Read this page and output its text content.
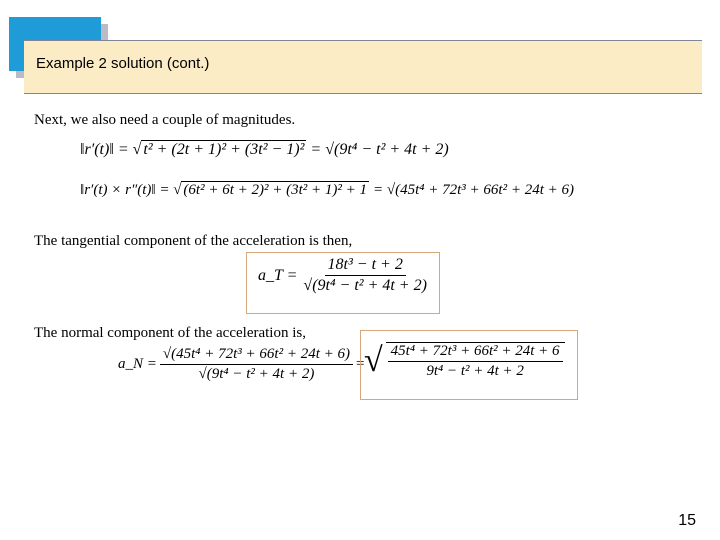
Example 2 solution (cont.)
Next, we also need a couple of magnitudes.
‖r′(t)‖ = √ t² + (2t + 1)² + (3t² − 1)² = √(9t⁴ − t² + 4t + 2)
‖r′(t) × r″(t)‖ = √ (6t² + 6t + 2)² + (3t² + 1)² + 1 = √(45t⁴ + 72t³ + 66t² + 24t + 6)
The tangential component of the acceleration is then,
a_T = $\frac{\text{18t³ − t + 2}}{\text{√(9t⁴ − t² + 4t + 2)}}$
The normal component of the acceleration is,
a_N = $\frac{\text{√(45t⁴ + 72t³ + 66t² + 24t + 6)}}{\text{√(9t⁴ − t² + 4t + 2)}}$ = √ $\frac{\text{45t⁴ + 72t³ + 66t² + 24t + 6}}{\text{9t⁴ − t² + 4t + 2}}$
15
